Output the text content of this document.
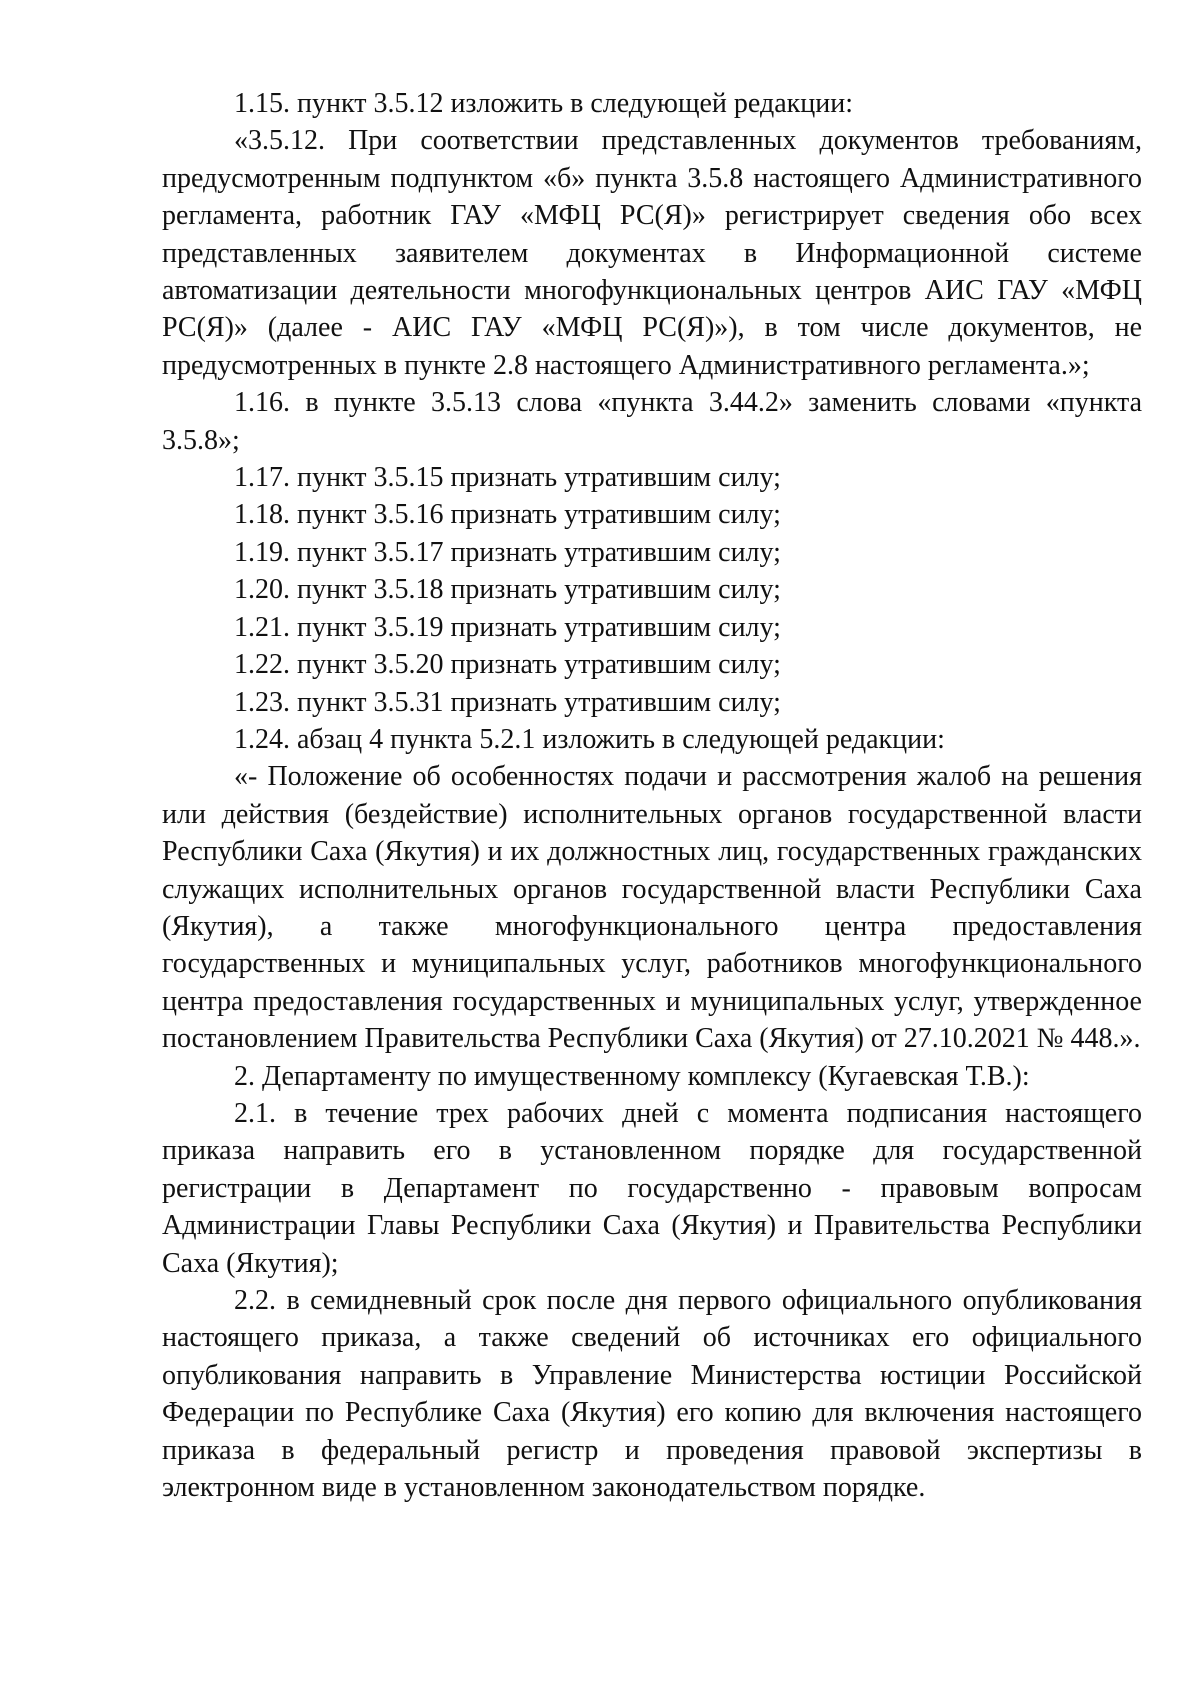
1.15. пункт 3.5.12 изложить в следующей редакции:

«3.5.12. При соответствии представленных документов требованиям, предусмотренным подпунктом «б» пункта 3.5.8 настоящего Административного регламента, работник ГАУ «МФЦ РС(Я)» регистрирует сведения обо всех представленных заявителем документах в Информационной системе автоматизации деятельности многофункциональных центров АИС ГАУ «МФЦ РС(Я)» (далее - АИС ГАУ «МФЦ РС(Я)»), в том числе документов, не предусмотренных в пункте 2.8 настоящего Административного регламента.»;

1.16. в пункте 3.5.13 слова «пункта 3.44.2» заменить словами «пункта 3.5.8»;

1.17. пункт 3.5.15 признать утратившим силу;

1.18. пункт 3.5.16 признать утратившим силу;

1.19. пункт 3.5.17 признать утратившим силу;

1.20. пункт 3.5.18 признать утратившим силу;

1.21. пункт 3.5.19 признать утратившим силу;

1.22. пункт 3.5.20 признать утратившим силу;

1.23. пункт 3.5.31 признать утратившим силу;

1.24. абзац 4 пункта 5.2.1 изложить в следующей редакции:

«- Положение об особенностях подачи и рассмотрения жалоб на решения или действия (бездействие) исполнительных органов государственной власти Республики Саха (Якутия) и их должностных лиц, государственных гражданских служащих исполнительных органов государственной власти Республики Саха (Якутия), а также многофункционального центра предоставления государственных и муниципальных услуг, работников многофункционального центра предоставления государственных и муниципальных услуг, утвержденное постановлением Правительства Республики Саха (Якутия) от 27.10.2021 № 448.».

2. Департаменту по имущественному комплексу (Кугаевская Т.В.):

2.1. в течение трех рабочих дней с момента подписания настоящего приказа направить его в установленном порядке для государственной регистрации в Департамент по государственно - правовым вопросам Администрации Главы Республики Саха (Якутия) и Правительства Республики Саха (Якутия);

2.2. в семидневный срок после дня первого официального опубликования настоящего приказа, а также сведений об источниках его официального опубликования направить в Управление Министерства юстиции Российской Федерации по Республике Саха (Якутия) его копию для включения настоящего приказа в федеральный регистр и проведения правовой экспертизы в электронном виде в установленном законодательством порядке.
